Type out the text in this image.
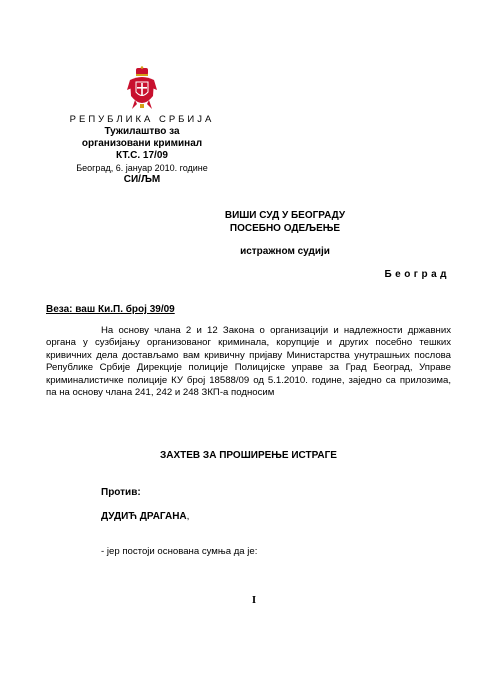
РЕПУБЛИКА СРБИЈА
Тужилаштво за
организовани криминал
КТ.С. 17/09
Београд, 6. јануар 2010. године
СИ/ЉМ
ВИШИ СУД У БЕОГРАДУ
ПОСЕБНО ОДЕЉЕЊЕ
истражном судији
Београд
Веза: ваш Ки.П. број 39/09

На основу члана 2 и 12 Закона о организацији и надлежности државних органа у сузбијању организованог криминала, корупције и других посебно тешких кривичних дела достављамо вам кривичну пријаву Министарства унутрашњих послова Републике Србије Дирекције полиције Полицијске управе за Град Београд, Управе криминалистичке полиције КУ број 18588/09 од 5.1.2010. године, заједно са прилозима, па на основу члана 241, 242 и 248 ЗКП-а подносим

ЗАХТЕВ ЗА ПРОШИРЕЊЕ ИСТРАГЕ
Против:
ДУДИЋ ДРАГАНА,
- јер постоји основана сумња да је:
I
